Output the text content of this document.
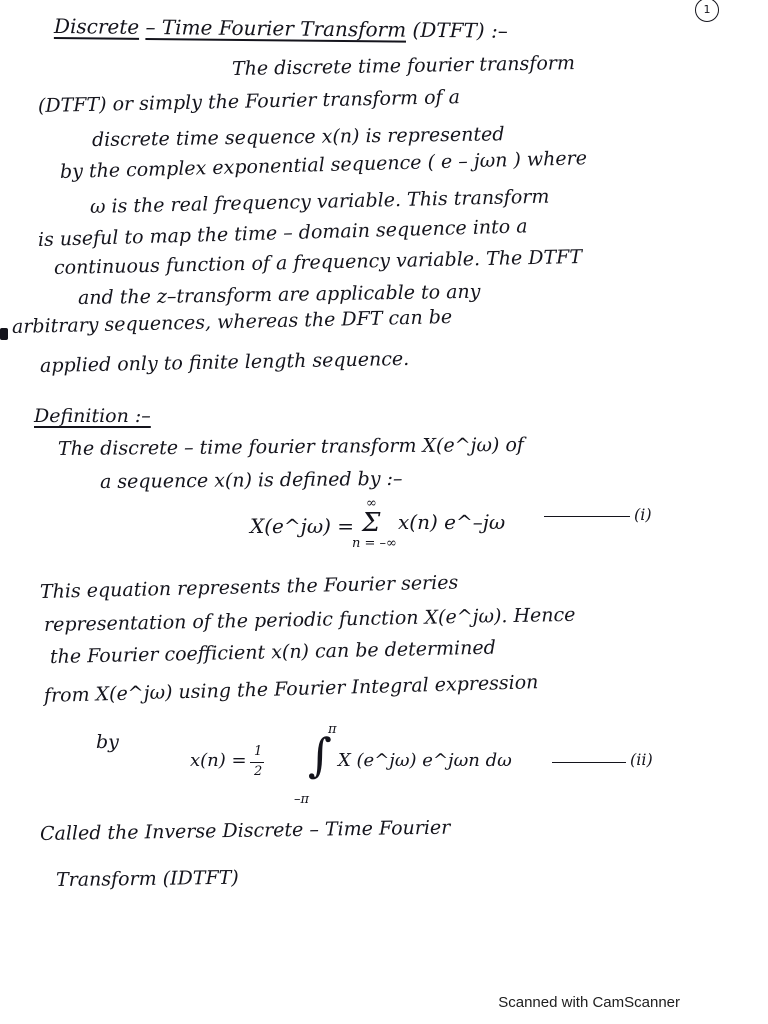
1
Discrete – Time Fourier Transform (DTFT) :–
The discrete time fourier transform
(DTFT) or simply the Fourier transform of a
discrete time sequence x(n) is represented
by the complex exponential sequence ( e – jωn ) where
ω is the real frequency variable. This transform
is useful to map the time – domain sequence into a
continuous function of a frequency variable. The DTFT
and the z–transform are applicable to any
arbitrary sequences, whereas the DFT can be
applied only to finite length sequence.
Definition :–
The discrete – time fourier transform X(e^jω) of
a sequence x(n) is defined by :–
X(e^jω) =
∞
Σ
n = –∞
x(n) e^–jω	(i)
This equation represents the Fourier series
representation of the periodic function X(e^jω). Hence
the Fourier coefficient x(n) can be determined
from X(e^jω) using the Fourier Integral expression
by
x(n) = 1
2
π
∫
–π
X (e^jω) e^jωn dω	(ii)
Called the Inverse Discrete – Time Fourier
Transform (IDTFT)
Scanned with CamScanner
